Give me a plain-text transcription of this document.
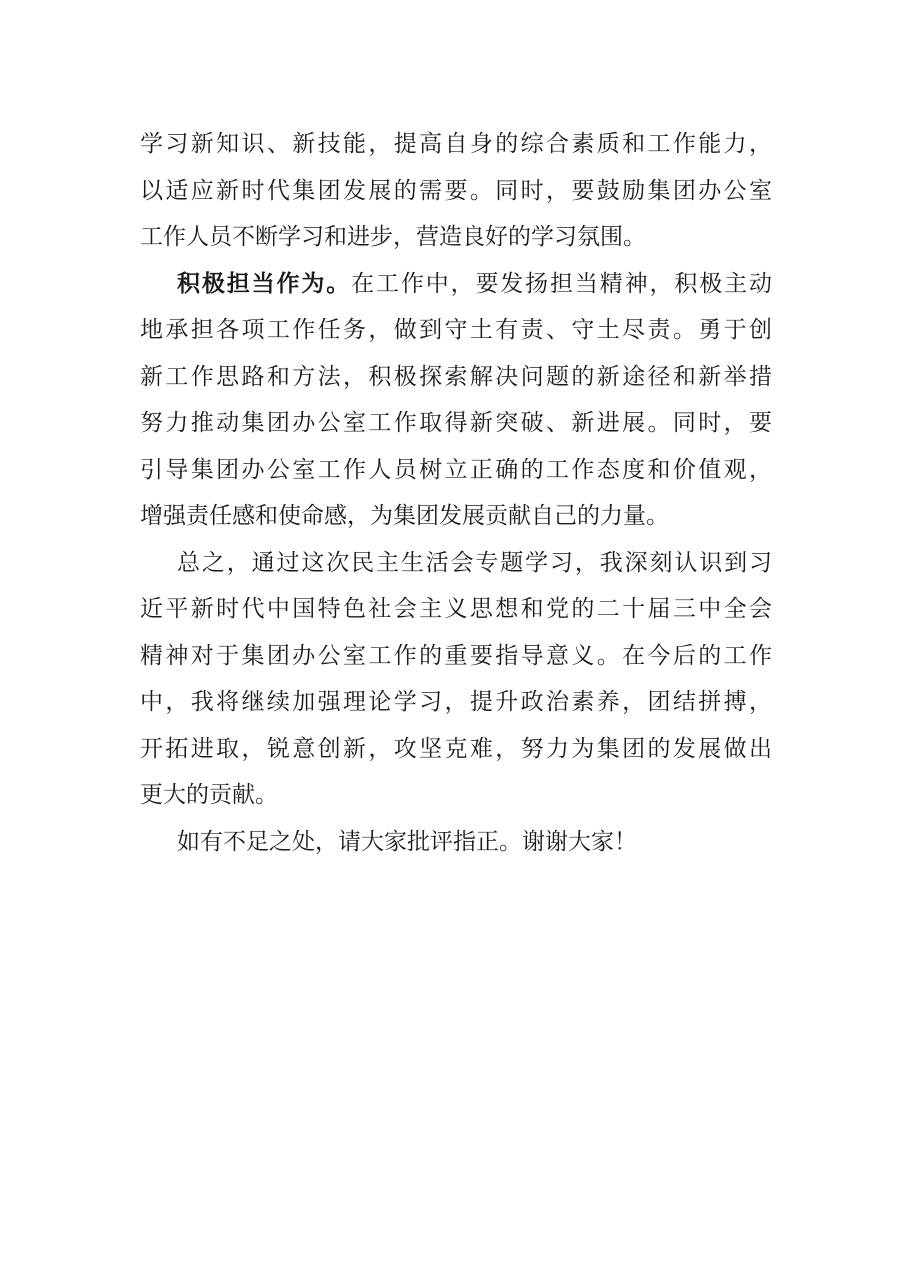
学习新知识、新技能，提高自身的综合素质和工作能力，
以适应新时代集团发展的需要。同时，要鼓励集团办公室
工作人员不断学习和进步，营造良好的学习氛围。
积极担当作为。在工作中，要发扬担当精神，积极主动
地承担各项工作任务，做到守土有责、守土尽责。勇于创
新工作思路和方法，积极探索解决问题的新途径和新举措
努力推动集团办公室工作取得新突破、新进展。同时，要
引导集团办公室工作人员树立正确的工作态度和价值观，
增强责任感和使命感，为集团发展贡献自己的力量。
总之，通过这次民主生活会专题学习，我深刻认识到习
近平新时代中国特色社会主义思想和党的二十届三中全会
精神对于集团办公室工作的重要指导意义。在今后的工作
中，我将继续加强理论学习，提升政治素养，团结拼搏，
开拓进取，锐意创新，攻坚克难，努力为集团的发展做出
更大的贡献。
如有不足之处，请大家批评指正。谢谢大家！
